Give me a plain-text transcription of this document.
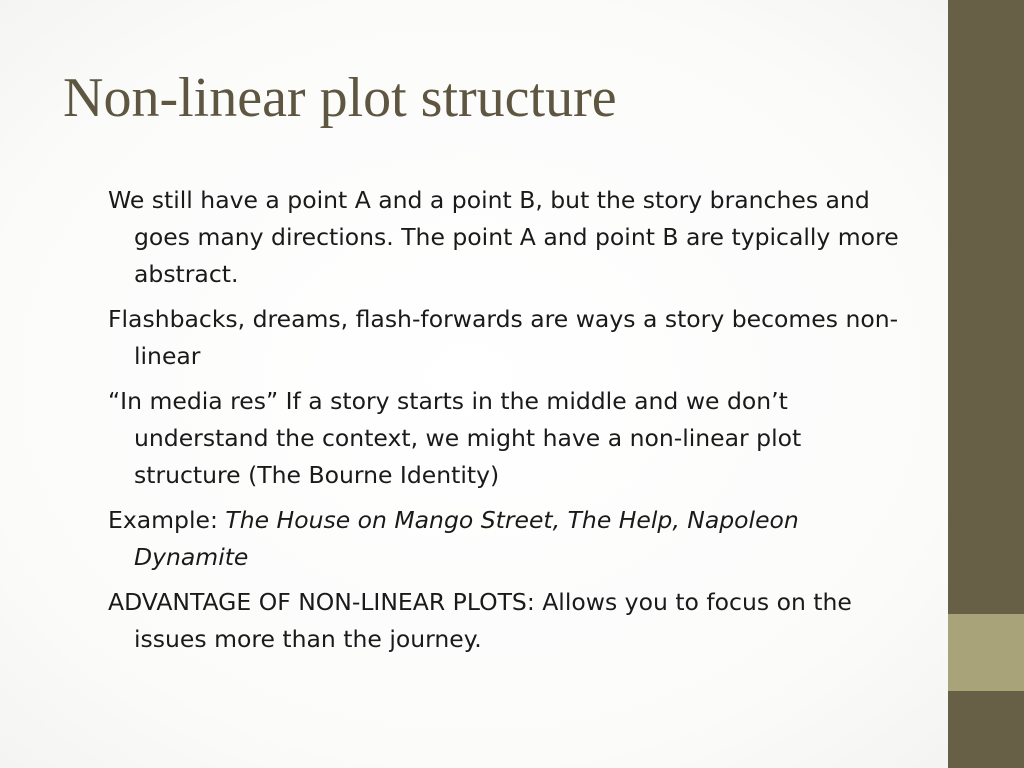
Non-linear plot structure
We still have a point A and a point B, but the story branches and goes many directions. The point A and point B are typically more abstract.
Flashbacks, dreams, flash-forwards are ways a story becomes non-linear
“In media res” If a story starts in the middle and we don’t understand the context, we might have a non-linear plot structure (The Bourne Identity)
Example: The House on Mango Street, The Help, Napoleon Dynamite
ADVANTAGE OF NON-LINEAR PLOTS: Allows you to focus on the issues more than the journey.
